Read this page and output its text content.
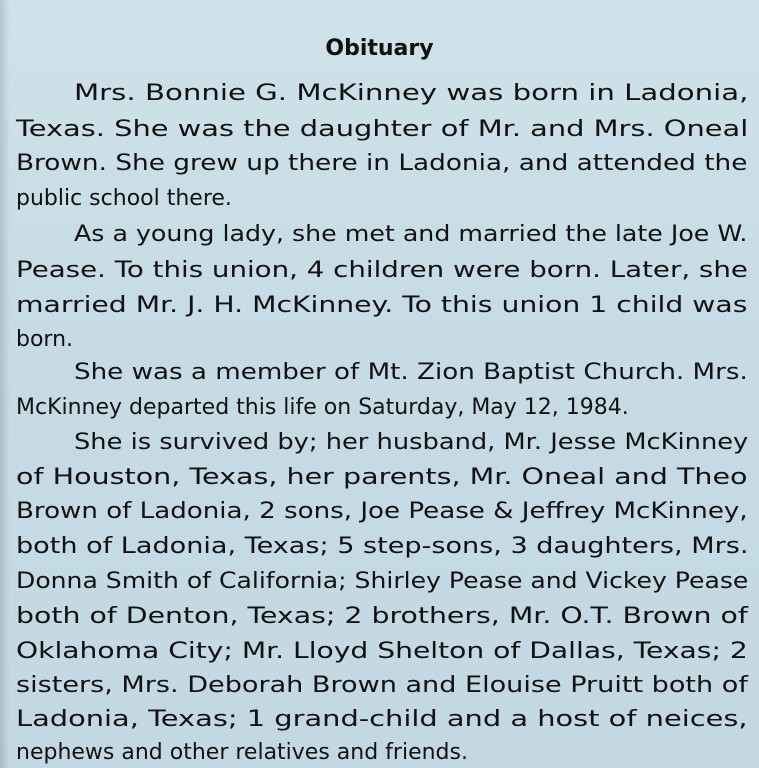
Obituary
Mrs. Bonnie G. McKinney was born in Ladonia,
Texas. She was the daughter of Mr. and Mrs. Oneal
Brown. She grew up there in Ladonia, and attended the
public school there.
As a young lady, she met and married the late Joe W.
Pease. To this union, 4 children were born. Later, she
married Mr. J. H. McKinney. To this union 1 child was
born.
She was a member of Mt. Zion Baptist Church. Mrs.
McKinney departed this life on Saturday, May 12, 1984.
She is survived by; her husband, Mr. Jesse McKinney
of Houston, Texas, her parents, Mr. Oneal and Theo
Brown of Ladonia, 2 sons, Joe Pease & Jeffrey McKinney,
both of Ladonia, Texas; 5 step-sons, 3 daughters, Mrs.
Donna Smith of California; Shirley Pease and Vickey Pease
both of Denton, Texas; 2 brothers, Mr. O.T. Brown of
Oklahoma City; Mr. Lloyd Shelton of Dallas, Texas; 2
sisters, Mrs. Deborah Brown and Elouise Pruitt both of
Ladonia, Texas; 1 grand-child and a host of neices,
nephews and other relatives and friends.
